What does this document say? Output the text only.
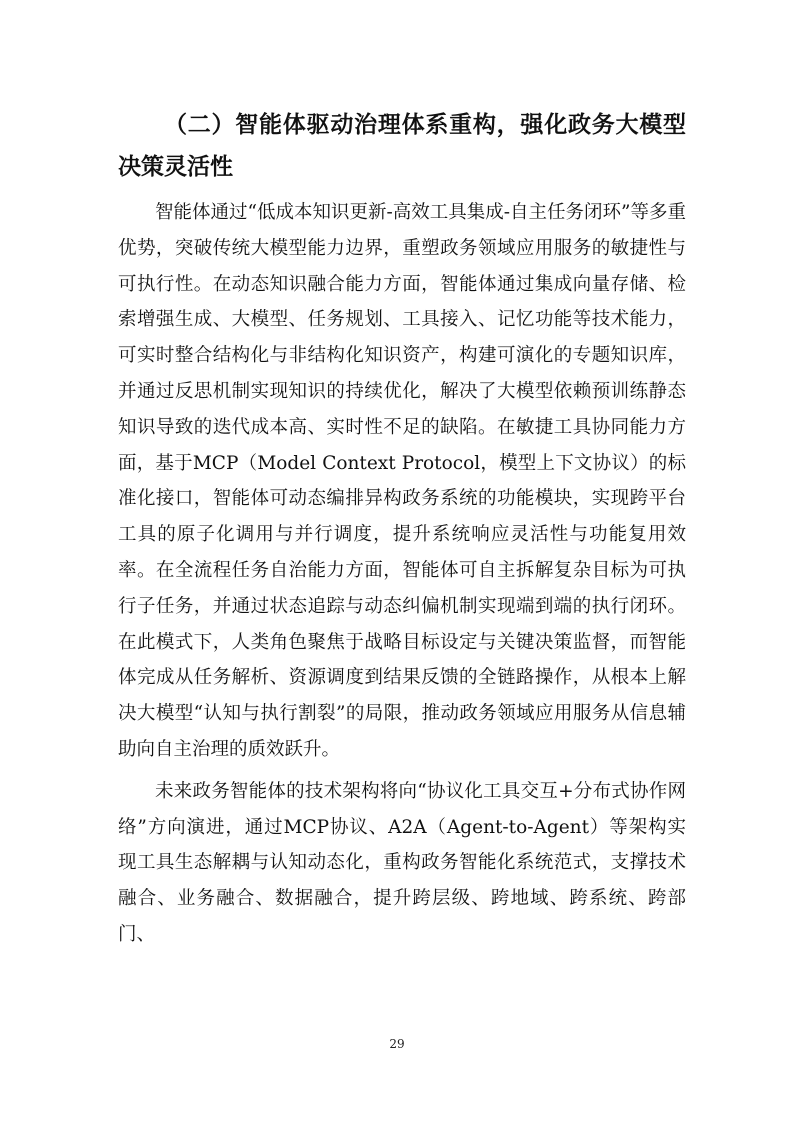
（二）智能体驱动治理体系重构，强化政务大模型决策灵活性

智能体通过“低成本知识更新-高效工具集成-自主任务闭环”等多重优势，突破传统大模型能力边界，重塑政务领域应用服务的敏捷性与可执行性。在动态知识融合能力方面，智能体通过集成向量存储、检索增强生成、大模型、任务规划、工具接入、记忆功能等技术能力，可实时整合结构化与非结构化知识资产，构建可演化的专题知识库，并通过反思机制实现知识的持续优化，解决了大模型依赖预训练静态知识导致的迭代成本高、实时性不足的缺陷。在敏捷工具协同能力方面，基于MCP（Model Context Protocol，模型上下文协议）的标准化接口，智能体可动态编排异构政务系统的功能模块，实现跨平台工具的原子化调用与并行调度，提升系统响应灵活性与功能复用效率。在全流程任务自治能力方面，智能体可自主拆解复杂目标为可执行子任务，并通过状态追踪与动态纠偏机制实现端到端的执行闭环。在此模式下，人类角色聚焦于战略目标设定与关键决策监督，而智能体完成从任务解析、资源调度到结果反馈的全链路操作，从根本上解决大模型“认知与执行割裂”的局限，推动政务领域应用服务从信息辅助向自主治理的质效跃升。

未来政务智能体的技术架构将向“协议化工具交互+分布式协作网络”方向演进，通过MCP协议、A2A（Agent-to-Agent）等架构实现工具生态解耦与认知动态化，重构政务智能化系统范式，支撑技术融合、业务融合、数据融合，提升跨层级、跨地域、跨系统、跨部门、

29
